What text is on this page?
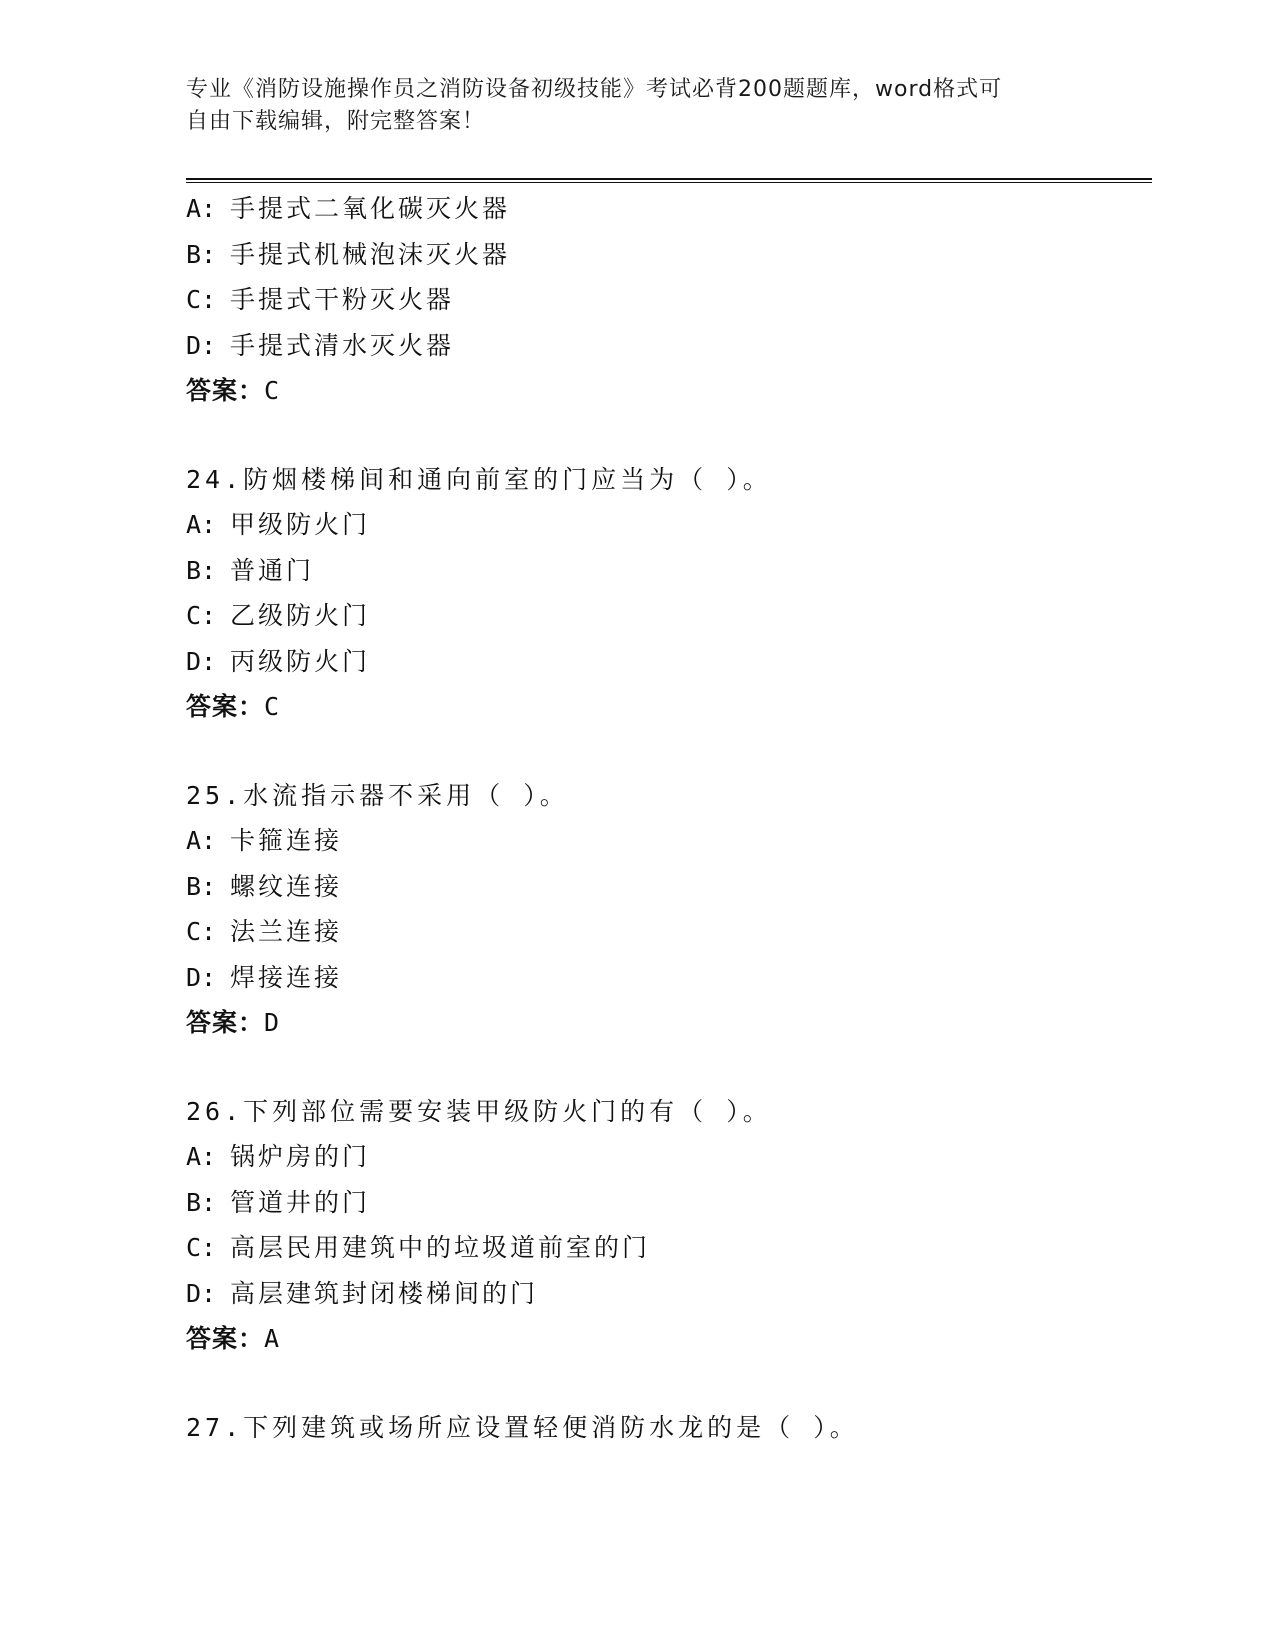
专业《消防设施操作员之消防设备初级技能》考试必背200题题库，word格式可
自由下载编辑，附完整答案！
A: 手提式二氧化碳灭火器
B: 手提式机械泡沫灭火器
C: 手提式干粉灭火器
D: 手提式清水灭火器
答案：C
24.防烟楼梯间和通向前室的门应当为（ ）。
A: 甲级防火门
B: 普通门
C: 乙级防火门
D: 丙级防火门
答案：C
25.水流指示器不采用（ ）。
A: 卡箍连接
B: 螺纹连接
C: 法兰连接
D: 焊接连接
答案：D
26.下列部位需要安装甲级防火门的有（ ）。
A: 锅炉房的门
B: 管道井的门
C: 高层民用建筑中的垃圾道前室的门
D: 高层建筑封闭楼梯间的门
答案：A
27.下列建筑或场所应设置轻便消防水龙的是（ ）。
